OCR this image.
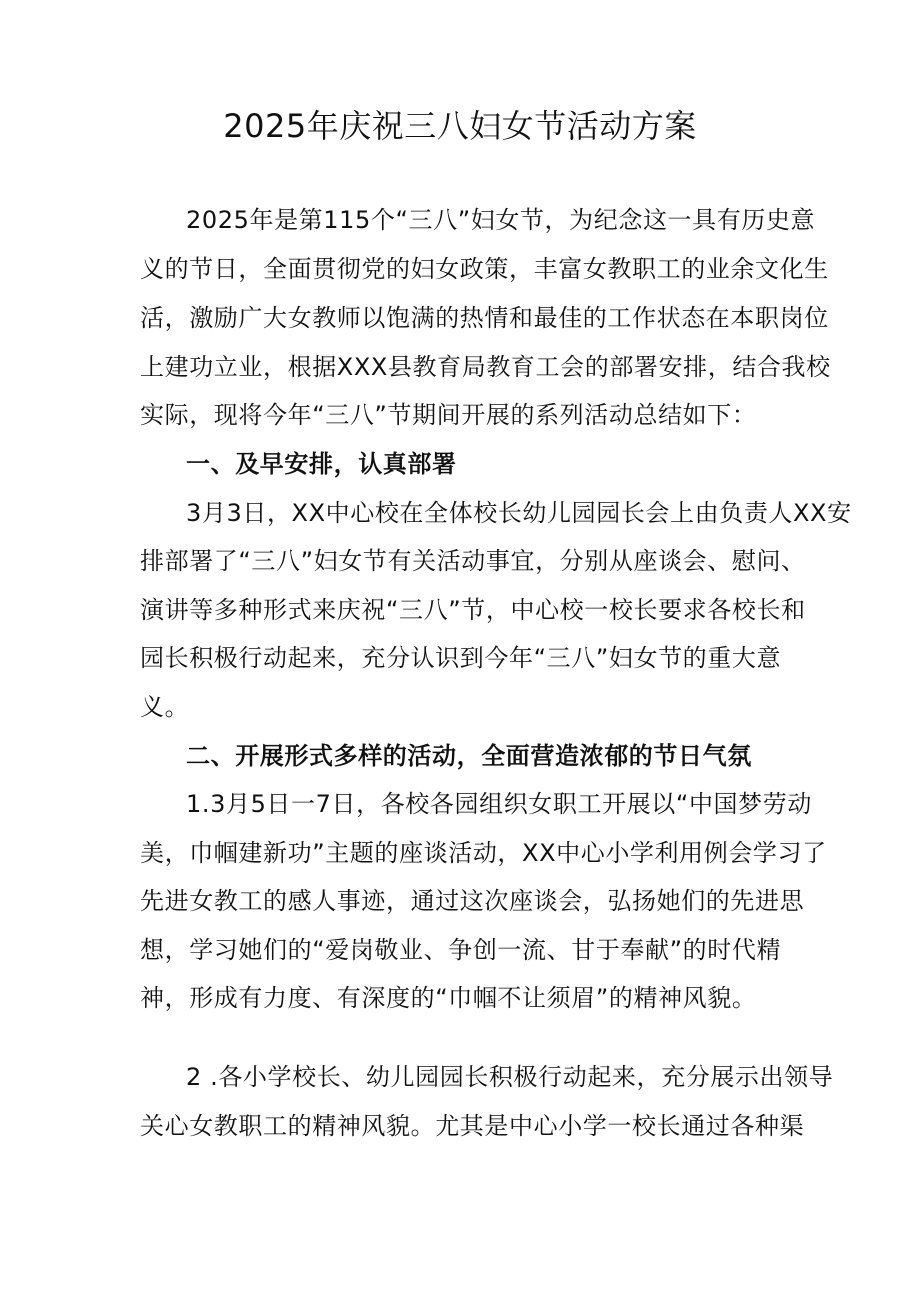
2025年庆祝三八妇女节活动方案

2025年是第115个“三八”妇女节，为纪念这一具有历史意

义的节日，全面贯彻党的妇女政策，丰富女教职工的业余文化生

活，激励广大女教师以饱满的热情和最佳的工作状态在本职岗位

上建功立业，根据XXX县教育局教育工会的部署安排，结合我校

实际，现将今年“三八”节期间开展的系列活动总结如下：

一、及早安排，认真部署

3月3日，XX中心校在全体校长幼儿园园长会上由负责人XX安

排部署了“三八”妇女节有关活动事宜，分别从座谈会、慰问、

演讲等多种形式来庆祝“三八”节，中心校一校长要求各校长和

园长积极行动起来，充分认识到今年“三八”妇女节的重大意

义。

二、开展形式多样的活动，全面营造浓郁的节日气氛

1.3月5日一7日，各校各园组织女职工开展以“中国梦劳动

美，巾帼建新功”主题的座谈活动，XX中心小学利用例会学习了

先进女教工的感人事迹，通过这次座谈会，弘扬她们的先进思

想，学习她们的“爱岗敬业、争创一流、甘于奉献”的时代精

神，形成有力度、有深度的“巾帼不让须眉”的精神风貌。

2 .各小学校长、幼儿园园长积极行动起来，充分展示出领导

关心女教职工的精神风貌。尤其是中心小学一校长通过各种渠
